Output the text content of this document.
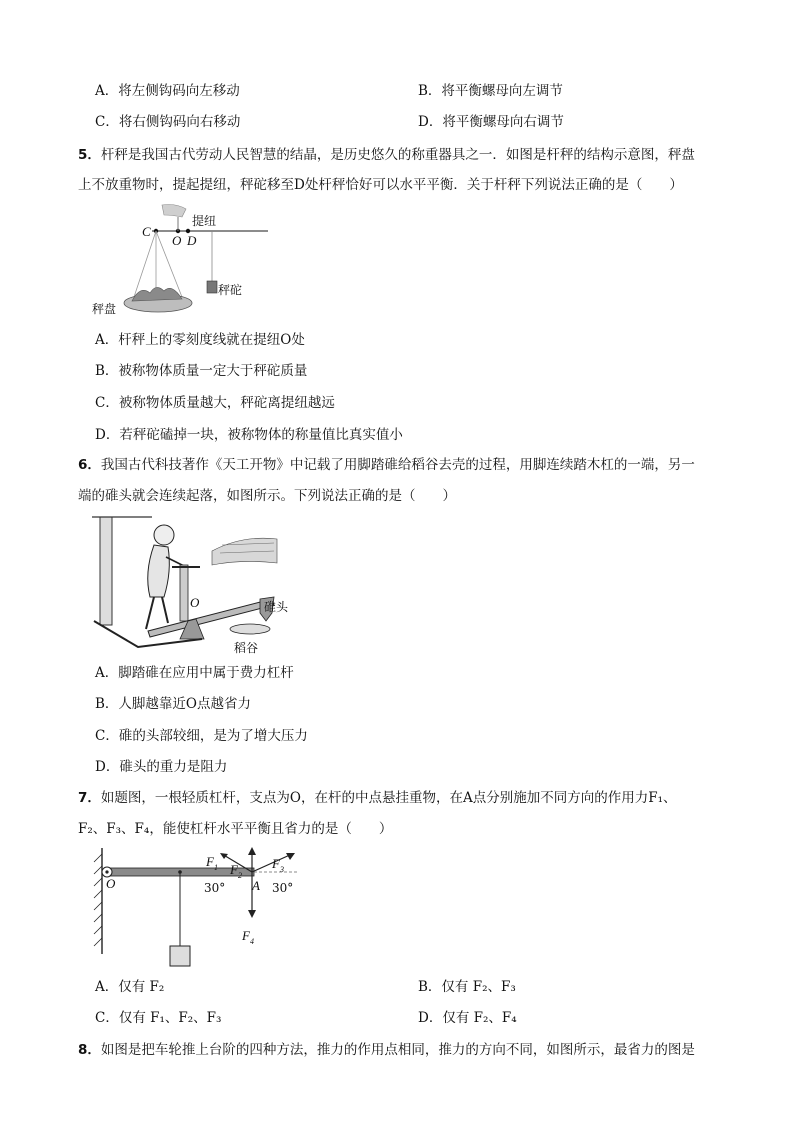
A．将左侧钩码向左移动	B．将平衡螺母向左调节
C．将右侧钩码向右移动	D．将平衡螺母向右调节
5．杆秤是我国古代劳动人民智慧的结晶，是历史悠久的称重器具之一．如图是杆秤的结构示意图，秤盘
上不放重物时，提起提纽，秤砣移至D处杆秤恰好可以水平平衡．关于杆秤下列说法正确的是（　　）
C
O D
提纽
秤盘
秤砣
A．杆秤上的零刻度线就在提纽O处
B．被称物体质量一定大于秤砣质量
C．被称物体质量越大，秤砣离提纽越远
D．若秤砣磕掉一块，被称物体的称量值比真实值小
6．我国古代科技著作《天工开物》中记载了用脚踏碓给稻谷去壳的过程，用脚连续踏木杠的一端，另一
端的碓头就会连续起落，如图所示。下列说法正确的是（　　）
O	碓头
稻谷
A．脚踏碓在应用中属于费力杠杆
B．人脚越靠近O点越省力
C．碓的头部较细，是为了增大压力
D．碓头的重力是阻力
7．如题图，一根轻质杠杆，支点为O，在杆的中点悬挂重物，在A点分别施加不同方向的作用力F₁、
F₂、F₃、F₄，能使杠杆水平平衡且省力的是（　　）
O	A
$F_1$ $F_2$
$F_3$
$F_4$
30°	30°
A．仅有 F₂	B．仅有 F₂、F₃
C．仅有 F₁、F₂、F₃	D．仅有 F₂、F₄
8．如图是把车轮推上台阶的四种方法，推力的作用点相同，推力的方向不同，如图所示，最省力的图是
